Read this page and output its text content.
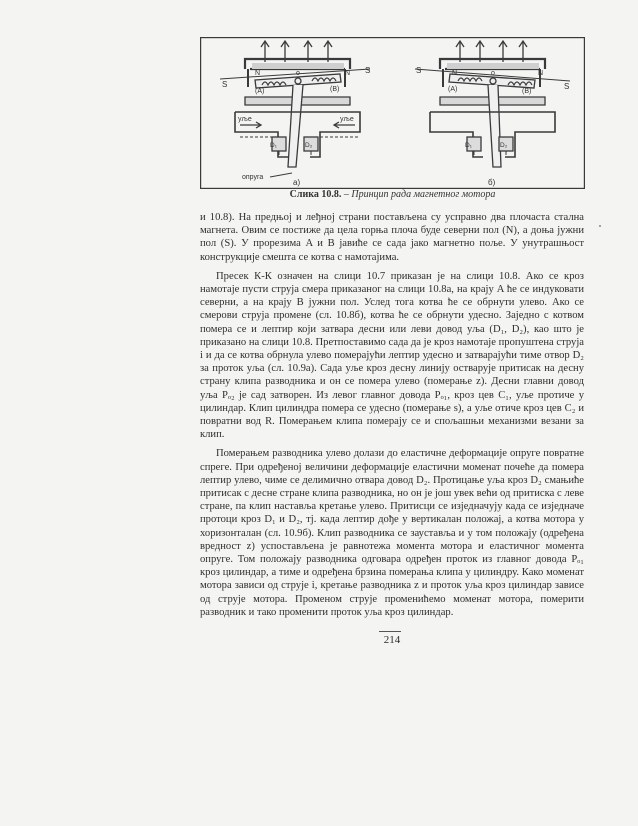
N	N
S
S
(A)	(B)
o
уље	уље
D₁	D₂
опруга
N	N
S
S
(A)	(B)
o
D₁	D₂
a)	б)
Слика 10.8. – Принцип рада магнетног мотора

и 10.8). На предњој и леђној страни постављена су усправно два плочаста стална магнета. Овим се постиже да цела горња плоча буде северни пол (N), а доња јужни пол (S). У прорезима A и B јавиће се сада јако магнетно поље. У унутрашњост конструкције смешта се котва с намотајима.

Пресек К-К означен на слици 10.7 приказан је на слици 10.8. Ако се кроз намотаје пусти струја смера приказаног на слици 10.8а, на крају A ће се индуковати северни, а на крају B јужни пол. Услед тога котва ће се обрнути улево. Ако се смерови струја промене (сл. 10.8б), котва ће се обрнути удесно. Заједно с котвом помера се и лептир који затвара десни или леви довод уља (D₁, D₂), као што је приказано на слици 10.8. Претпоставимо сада да је кроз намотаје пропуштена струја i и да се котва обрнула улево померајући лептир удесно и затварајући тиме отвор D₂ за проток уља (сл. 10.9а). Сада уље кроз десну линију остварује притисак на десну страну клипа разводника и он се помера улево (померање z). Десни главни довод уља Pₒ₂ је сад затворен. Из левог главног довода Pₒ₁, кроз цев C₁, уље протиче у цилиндар. Клип цилиндра помера се удесно (померање s), а уље отиче кроз цев C₂ и повратни вод R. Померањем клипа померају се и спољашњи механизми везани за клип.

Померањем разводника улево долази до еластичне деформације опруге повратне спреге. При одређеној величини деформације еластични моменат почеће да помера лептир улево, чиме се делимично отвара довод D₂. Протицање уља кроз D₂ смањиће притисак с десне стране клипа разводника, но он је још увек већи од притиска с леве стране, па клип наставља кретање улево. Притисци се изједначују када се изједначе протоци кроз D₁ и D₂, тј. када лептир дође у вертикалан положај, а котва мотора у хоризонталан (сл. 10.9б). Клип разводника се зауставља и у том положају (одређена вредност z) успостављена је равнотежа момента мотора и еластичног момента опруге. Том положају разводника одговара одређен проток из главног довода Pₒ₁ кроз цилиндар, а тиме и одређена брзина померања клипа у цилиндру. Како моменат мотора зависи од струје i, кретање разводника z и проток уља кроз цилиндар зависе од струје мотора. Променом струје променићемо моменат мотора, померити разводник и тако променити проток уља кроз цилиндар.

214
